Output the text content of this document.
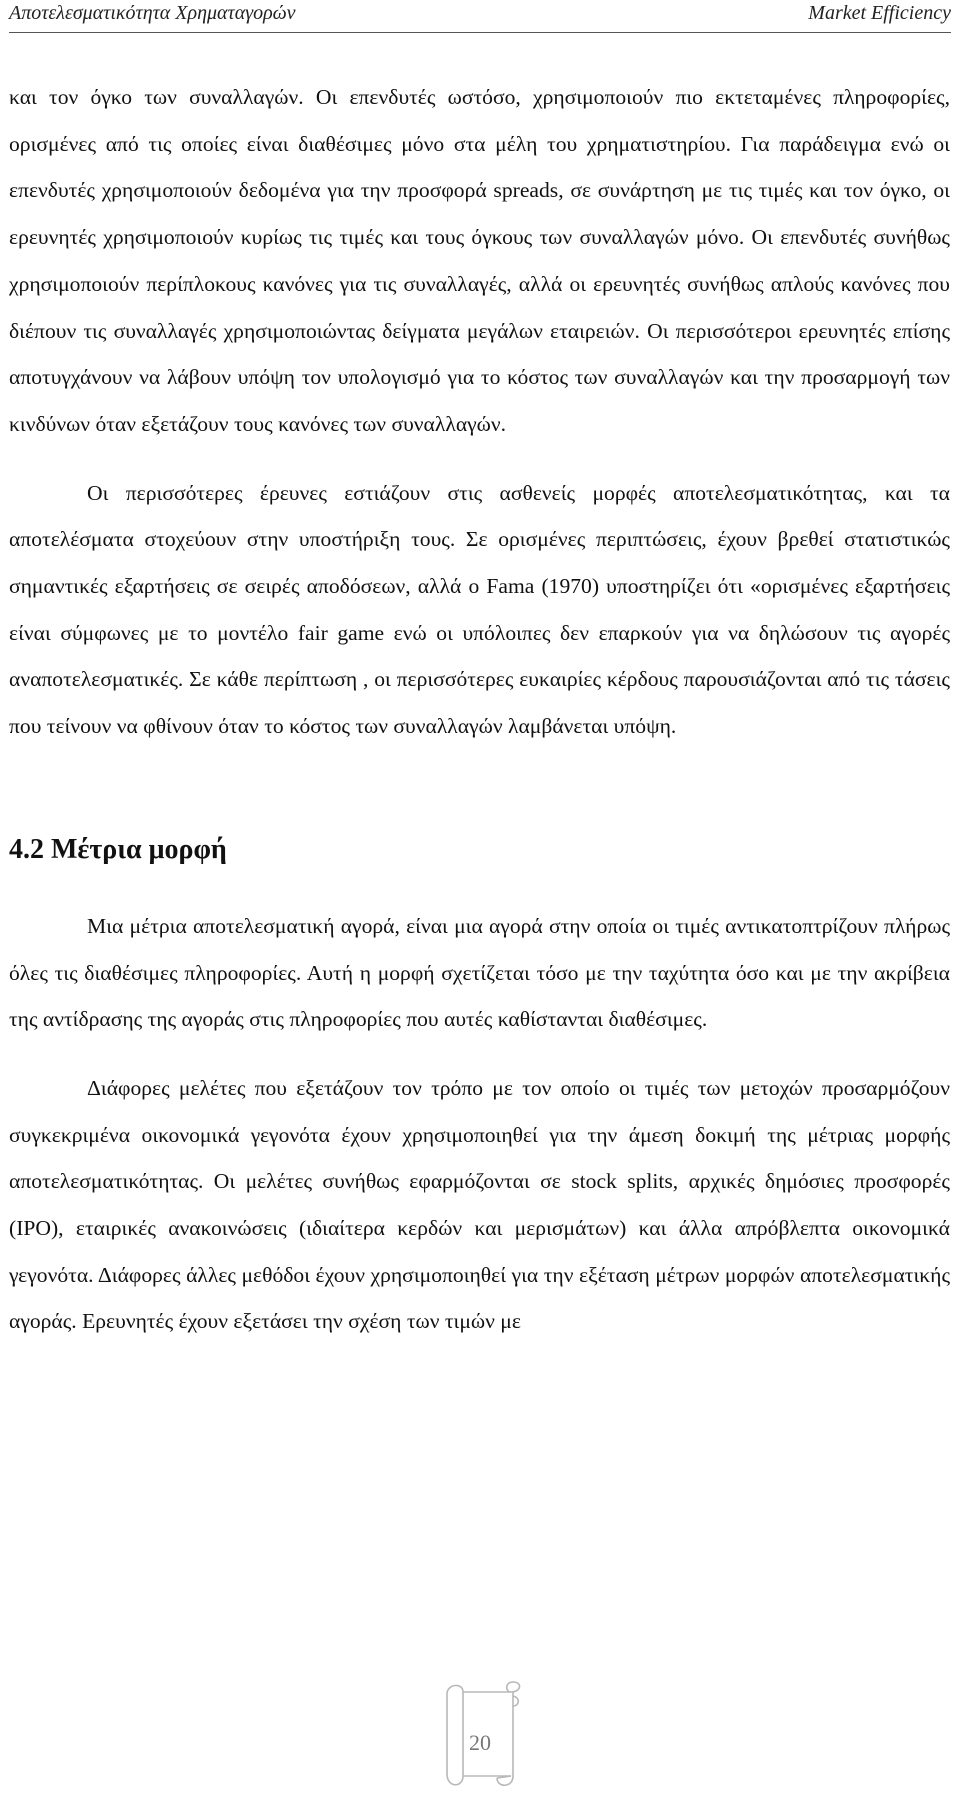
Αποτελεσματικότητα Χρηματαγορών	Market Efficiency

και τον όγκο των συναλλαγών. Οι επενδυτές ωστόσο, χρησιμοποιούν πιο εκτεταμένες πληροφορίες, ορισμένες από τις οποίες είναι διαθέσιμες μόνο στα μέλη του χρηματιστηρίου. Για παράδειγμα ενώ οι επενδυτές χρησιμοποιούν δεδομένα για την προσφορά spreads, σε συνάρτηση με τις τιμές και τον όγκο, οι ερευνητές χρησιμοποιούν κυρίως τις τιμές και τους όγκους των συναλλαγών μόνο. Οι επενδυτές συνήθως χρησιμοποιούν περίπλοκους κανόνες για τις συναλλαγές, αλλά οι ερευνητές συνήθως απλούς κανόνες που διέπουν τις συναλλαγές χρησιμοποιώντας δείγματα μεγάλων εταιρειών. Οι περισσότεροι ερευνητές επίσης αποτυγχάνουν να λάβουν υπόψη τον υπολογισμό για το κόστος των συναλλαγών και την προσαρμογή των κινδύνων όταν εξετάζουν τους κανόνες των συναλλαγών.

Οι περισσότερες έρευνες εστιάζουν στις ασθενείς μορφές αποτελεσματικότητας, και τα αποτελέσματα στοχεύουν στην υποστήριξη τους. Σε ορισμένες περιπτώσεις, έχουν βρεθεί στατιστικώς σημαντικές εξαρτήσεις σε σειρές αποδόσεων, αλλά ο Fama (1970) υποστηρίζει ότι «ορισμένες εξαρτήσεις είναι σύμφωνες με το μοντέλο fair game ενώ οι υπόλοιπες δεν επαρκούν για να δηλώσουν τις αγορές αναποτελεσματικές. Σε κάθε περίπτωση , οι περισσότερες ευκαιρίες κέρδους παρουσιάζονται από τις τάσεις που τείνουν να φθίνουν όταν το κόστος των συναλλαγών λαμβάνεται υπόψη.

4.2 Μέτρια μορφή

Μια μέτρια αποτελεσματική αγορά, είναι μια αγορά στην οποία οι τιμές αντικατοπτρίζουν πλήρως όλες τις διαθέσιμες πληροφορίες. Αυτή η μορφή σχετίζεται τόσο με την ταχύτητα όσο και με την ακρίβεια της αντίδρασης της αγοράς στις πληροφορίες που αυτές καθίστανται διαθέσιμες.

Διάφορες μελέτες που εξετάζουν τον τρόπο με τον οποίο οι τιμές των μετοχών προσαρμόζουν συγκεκριμένα οικονομικά γεγονότα έχουν χρησιμοποιηθεί για την άμεση δοκιμή της μέτριας μορφής αποτελεσματικότητας. Οι μελέτες συνήθως εφαρμόζονται σε stock splits, αρχικές δημόσιες προσφορές (IPO), εταιρικές ανακοινώσεις (ιδιαίτερα κερδών και μερισμάτων) και άλλα απρόβλεπτα οικονομικά γεγονότα. Διάφορες άλλες μεθόδοι έχουν χρησιμοποιηθεί για την εξέταση μέτρων μορφών αποτελεσματικής αγοράς. Ερευνητές έχουν εξετάσει την σχέση των τιμών με

20
